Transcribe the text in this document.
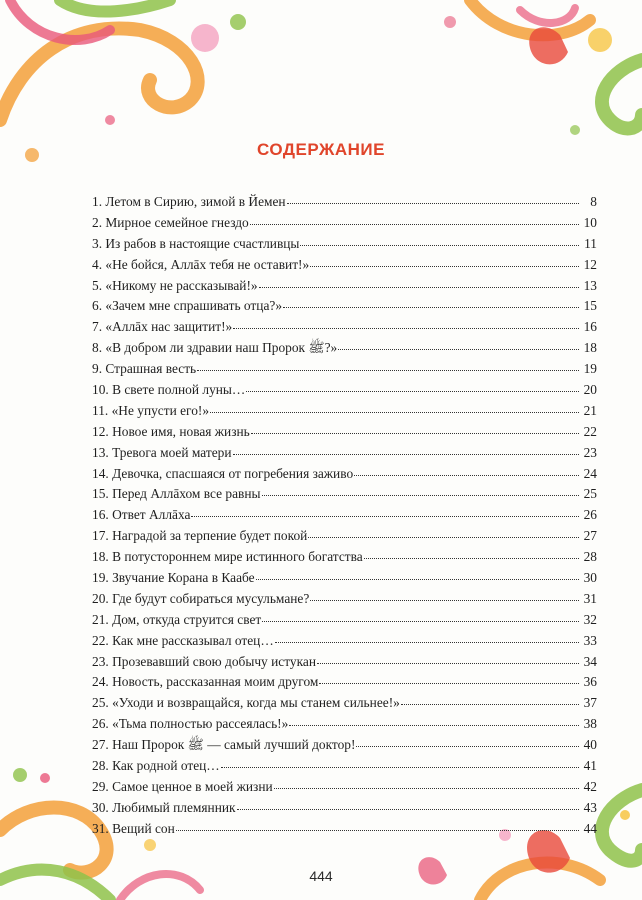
СОДЕРЖАНИЕ
1. Летом в Сирию, зимой в Йемен	8
2. Мирное семейное гнездо	10
3. Из рабов в настоящие счастливцы	11
4. «Не бойся, Аллāх тебя не оставит!»	12
5. «Никому не рассказывай!»	13
6. «Зачем мне спрашивать отца?»	15
7. «Аллāх нас защитит!»	16
8. «В добром ли здравии наш Пророк ﷺ?»	18
9. Страшная весть	19
10. В свете полной луны…	20
11. «Не упусти его!»	21
12. Новое имя, новая жизнь	22
13. Тревога моей матери	23
14. Девочка, спасшаяся от погребения заживо	24
15. Перед Аллāхом все равны	25
16. Ответ Аллāха	26
17. Наградой за терпение будет покой	27
18. В потустороннем мире истинного богатства	28
19. Звучание Корана в Каабе	30
20. Где будут собираться мусульмане?	31
21. Дом, откуда струится свет	32
22. Как мне рассказывал отец…	33
23. Прозевавший свою добычу истукан	34
24. Новость, рассказанная моим другом	36
25. «Уходи и возвращайся, когда мы станем сильнее!»	37
26. «Тьма полностью рассеялась!»	38
27. Наш Пророк ﷺ — самый лучший доктор!	40
28. Как родной отец…	41
29. Самое ценное в моей жизни	42
30. Любимый племянник	43
31. Вещий сон	44
444
